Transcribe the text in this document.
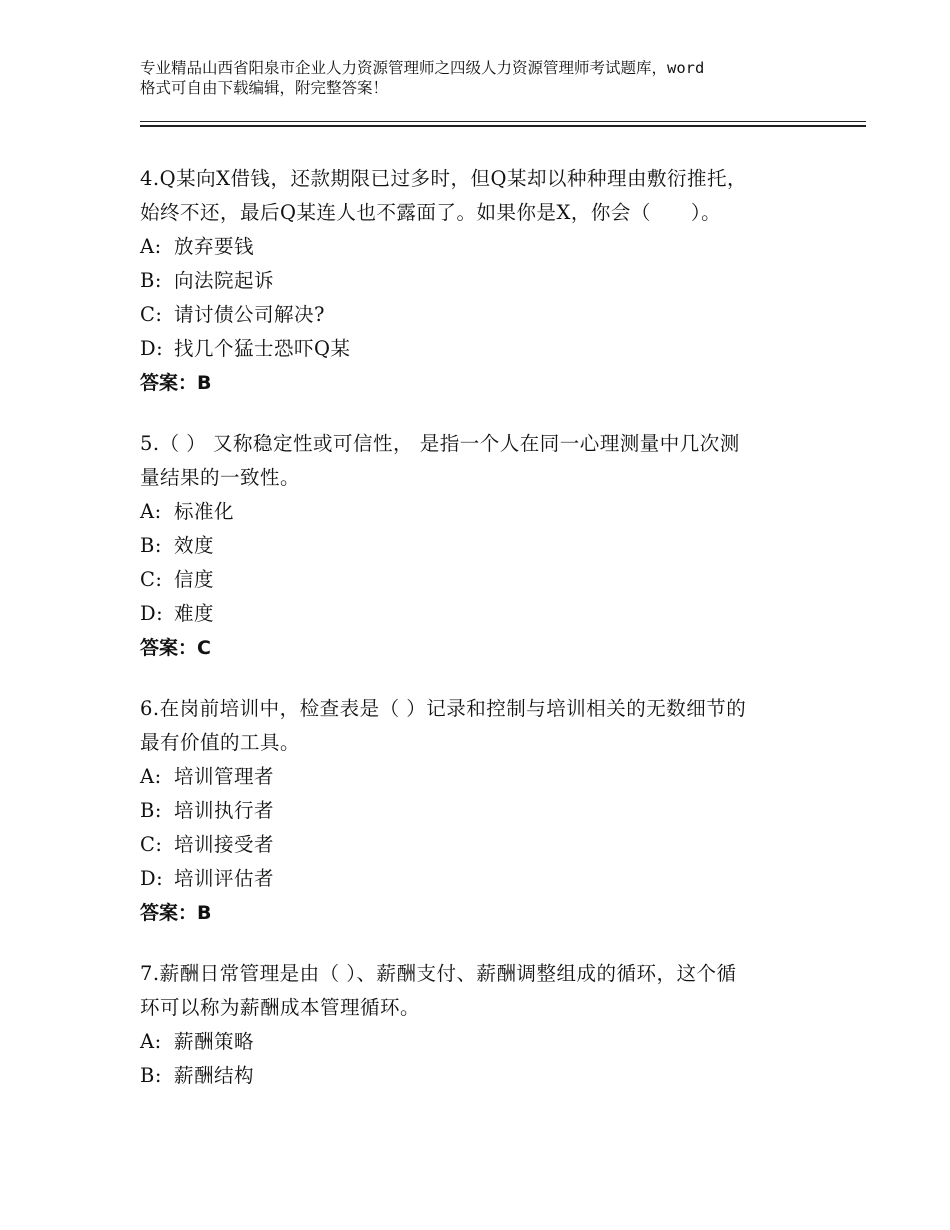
专业精品山西省阳泉市企业人力资源管理师之四级人力资源管理师考试题库，word
格式可自由下载编辑，附完整答案！
4.Q某向X借钱，还款期限已过多时，但Q某却以种种理由敷衍推托，
始终不还，最后Q某连人也不露面了。如果你是X，你会（　　）。
A: 放弃要钱
B: 向法院起诉
C: 请讨债公司解决?
D: 找几个猛士恐吓Q某
答案：B
5.（ ） 又称稳定性或可信性， 是指一个人在同一心理测量中几次测
量结果的一致性。
A: 标准化
B: 效度
C: 信度
D: 难度
答案：C
6.在岗前培训中，检查表是（ ）记录和控制与培训相关的无数细节的
最有价值的工具。
A: 培训管理者
B: 培训执行者
C: 培训接受者
D: 培训评估者
答案：B
7.薪酬日常管理是由（ ）、薪酬支付、薪酬调整组成的循环，这个循
环可以称为薪酬成本管理循环。
A: 薪酬策略
B: 薪酬结构
